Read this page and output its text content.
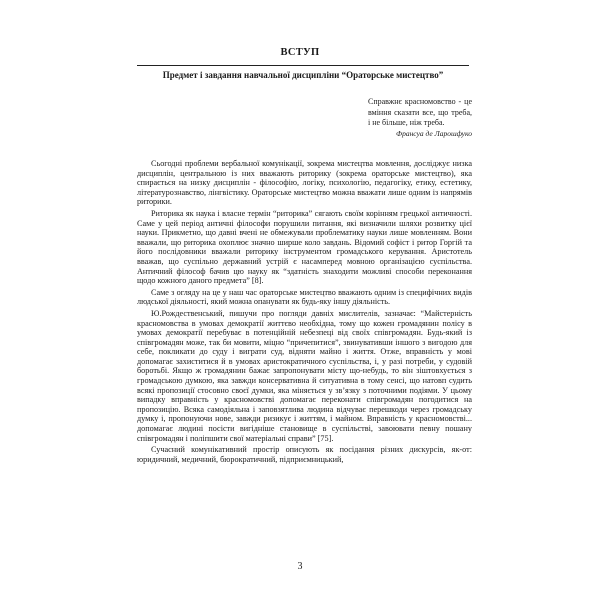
ВСТУП
Предмет і завдання навчальної дисципліни “Ораторське мистецтво”
Справжнє красномовство - це вміння сказати все, що треба, і не більше, ніж треба.
Франсуа де Ларошфуко

Сьогодні проблеми вербальної комунікації, зокрема мистецтва мовлення, досліджує низка дисциплін, центральною із них вважають риторику (зокрема ораторське мистецтво), яка спирається на низку дисциплін - філософію, логіку, психологію, педагогіку, етику, естетику, літературознавство, лінгвістику. Ораторське мистецтво можна вважати лише одним із напрямів риторики.

Риторика як наука і власне термін “риторика” сягають своїм корінням грецької античності. Саме у цей період античні філософи порушили питання, які визначили шляхи розвитку цієї науки. Прикметно, що давні вчені не обмежували проблематику науки лише мовленням. Вони вважали, що риторика охоплює значно ширше коло завдань. Відомий софіст і ритор Горгій та його послідовники вважали риторику інструментом громадського керування. Аристотель вважав, що суспільно державний устрій є насамперед мовною організацією суспільства. Античний філософ бачив цю науку як “здатність знаходити можливі способи переконання щодо кожного даного предмета” [8].

Саме з огляду на це у наш час ораторське мистецтво вважають одним із специфічних видів людської діяльності, який можна опанувати як будь-яку іншу діяльність.

Ю.Рождественський, пишучи про погляди давніх мислителів, зазначає: “Майстерність красномовства в умовах демократії життєво необхідна, тому що кожен громадянин полісу в умовах демократії перебуває в потенційній небезпеці від своїх співгромадян. Будь-який із співгромадян може, так би мовити, міцно “причепитися”, звинувативши іншого з вигодою для себе, покликати до суду і виграти суд, відняти майно і життя. Отже, вправність у мові допомагає захиститися й в умовах аристократичного суспільства, і, у разі потреби, у судовій боротьбі. Якщо ж громадянин бажає запропонувати місту що-небудь, то він зіштовхується з громадською думкою, яка завжди консервативна й ситуативна в тому сенсі, що натовп судить всякі пропозиції стосовно своєї думки, яка міняється у зв’язку з поточними подіями. У цьому випадку вправність у красномовстві допомагає переконати співгромадян погодитися на пропозицію. Всяка самодіяльна і заповзятлива людина відчуває перешкоди через громадську думку і, пропонуючи нове, завжди ризикує і життям, і майном. Вправність у красномовстві... допомагає людині посісти вигідніше становище в суспільстві, завоювати певну пошану співгромадян і поліпшити свої матеріальні справи” [75].

Сучасний комунікативний простір описують як посідання різних дискурсів, як-от: юридичний, медичний, бюрократичний, підприємницький,

3
